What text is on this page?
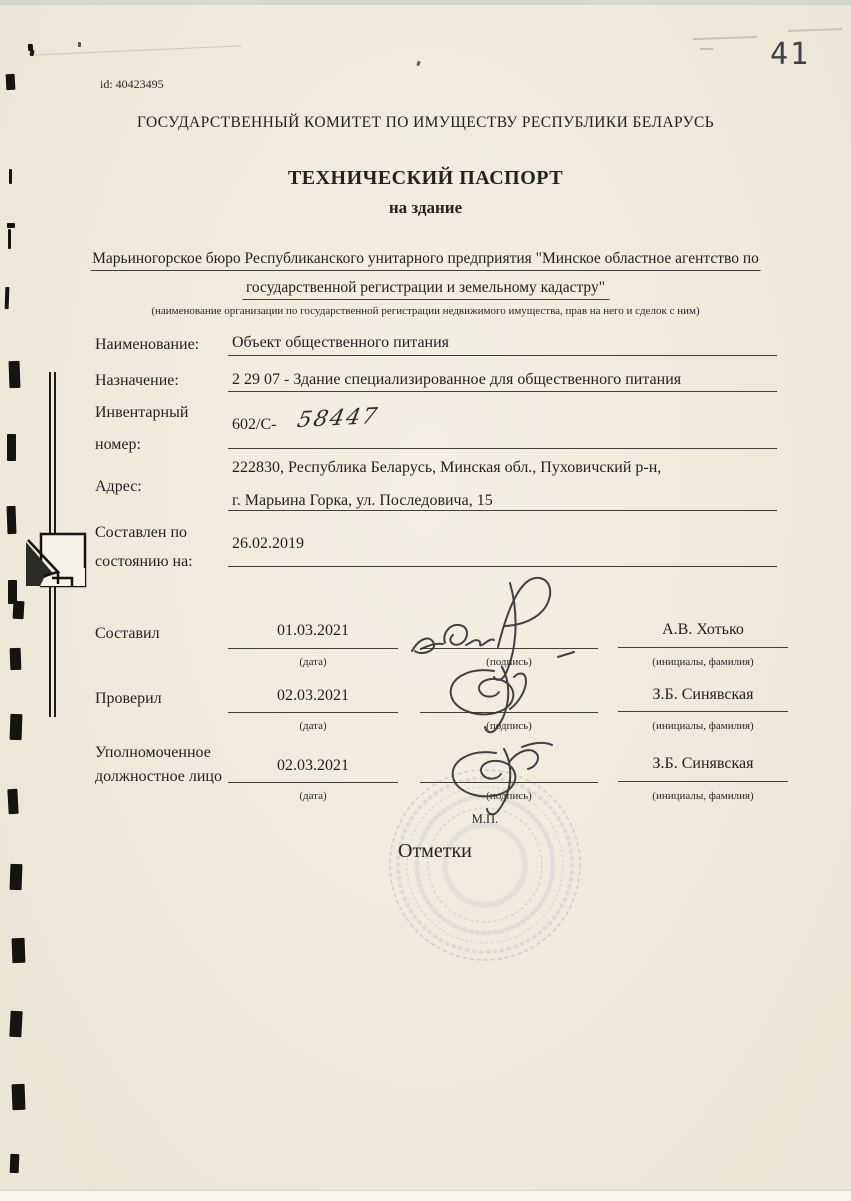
id: 40423495
41
ГОСУДАРСТВЕННЫЙ КОМИТЕТ ПО ИМУЩЕСТВУ РЕСПУБЛИКИ БЕЛАРУСЬ
ТЕХНИЧЕСКИЙ ПАСПОРТ
на здание
Марьиногорское бюро Республиканского унитарного предприятия "Минское областное агентство по
государственной регистрации и земельному кадастру"
(наименование организации по государственной регистрации недвижимого имущества, прав на него и сделок с ним)
Наименование: Объект общественного питания
Назначение:	2 29 07 - Здание специализированное для общественного питания
Инвентарный
номер:
602/С- 58447
Адрес:
222830, Республика Беларусь, Минская обл., Пуховичский р-н,
г. Марьина Горка, ул. Последовича, 15
Составлен по
состоянию на:
26.02.2019
Составил	01.03.2021	А.В. Хотько
(дата)	(подпись)	(инициалы, фамилия)
Проверил	02.03.2021	З.Б. Синявская
(дата)	(подпись)	(инициалы, фамилия)
Уполномоченное
должностное лицо
02.03.2021	З.Б. Синявская
(дата)	(подпись)	(инициалы, фамилия)
М.П.
Отметки
